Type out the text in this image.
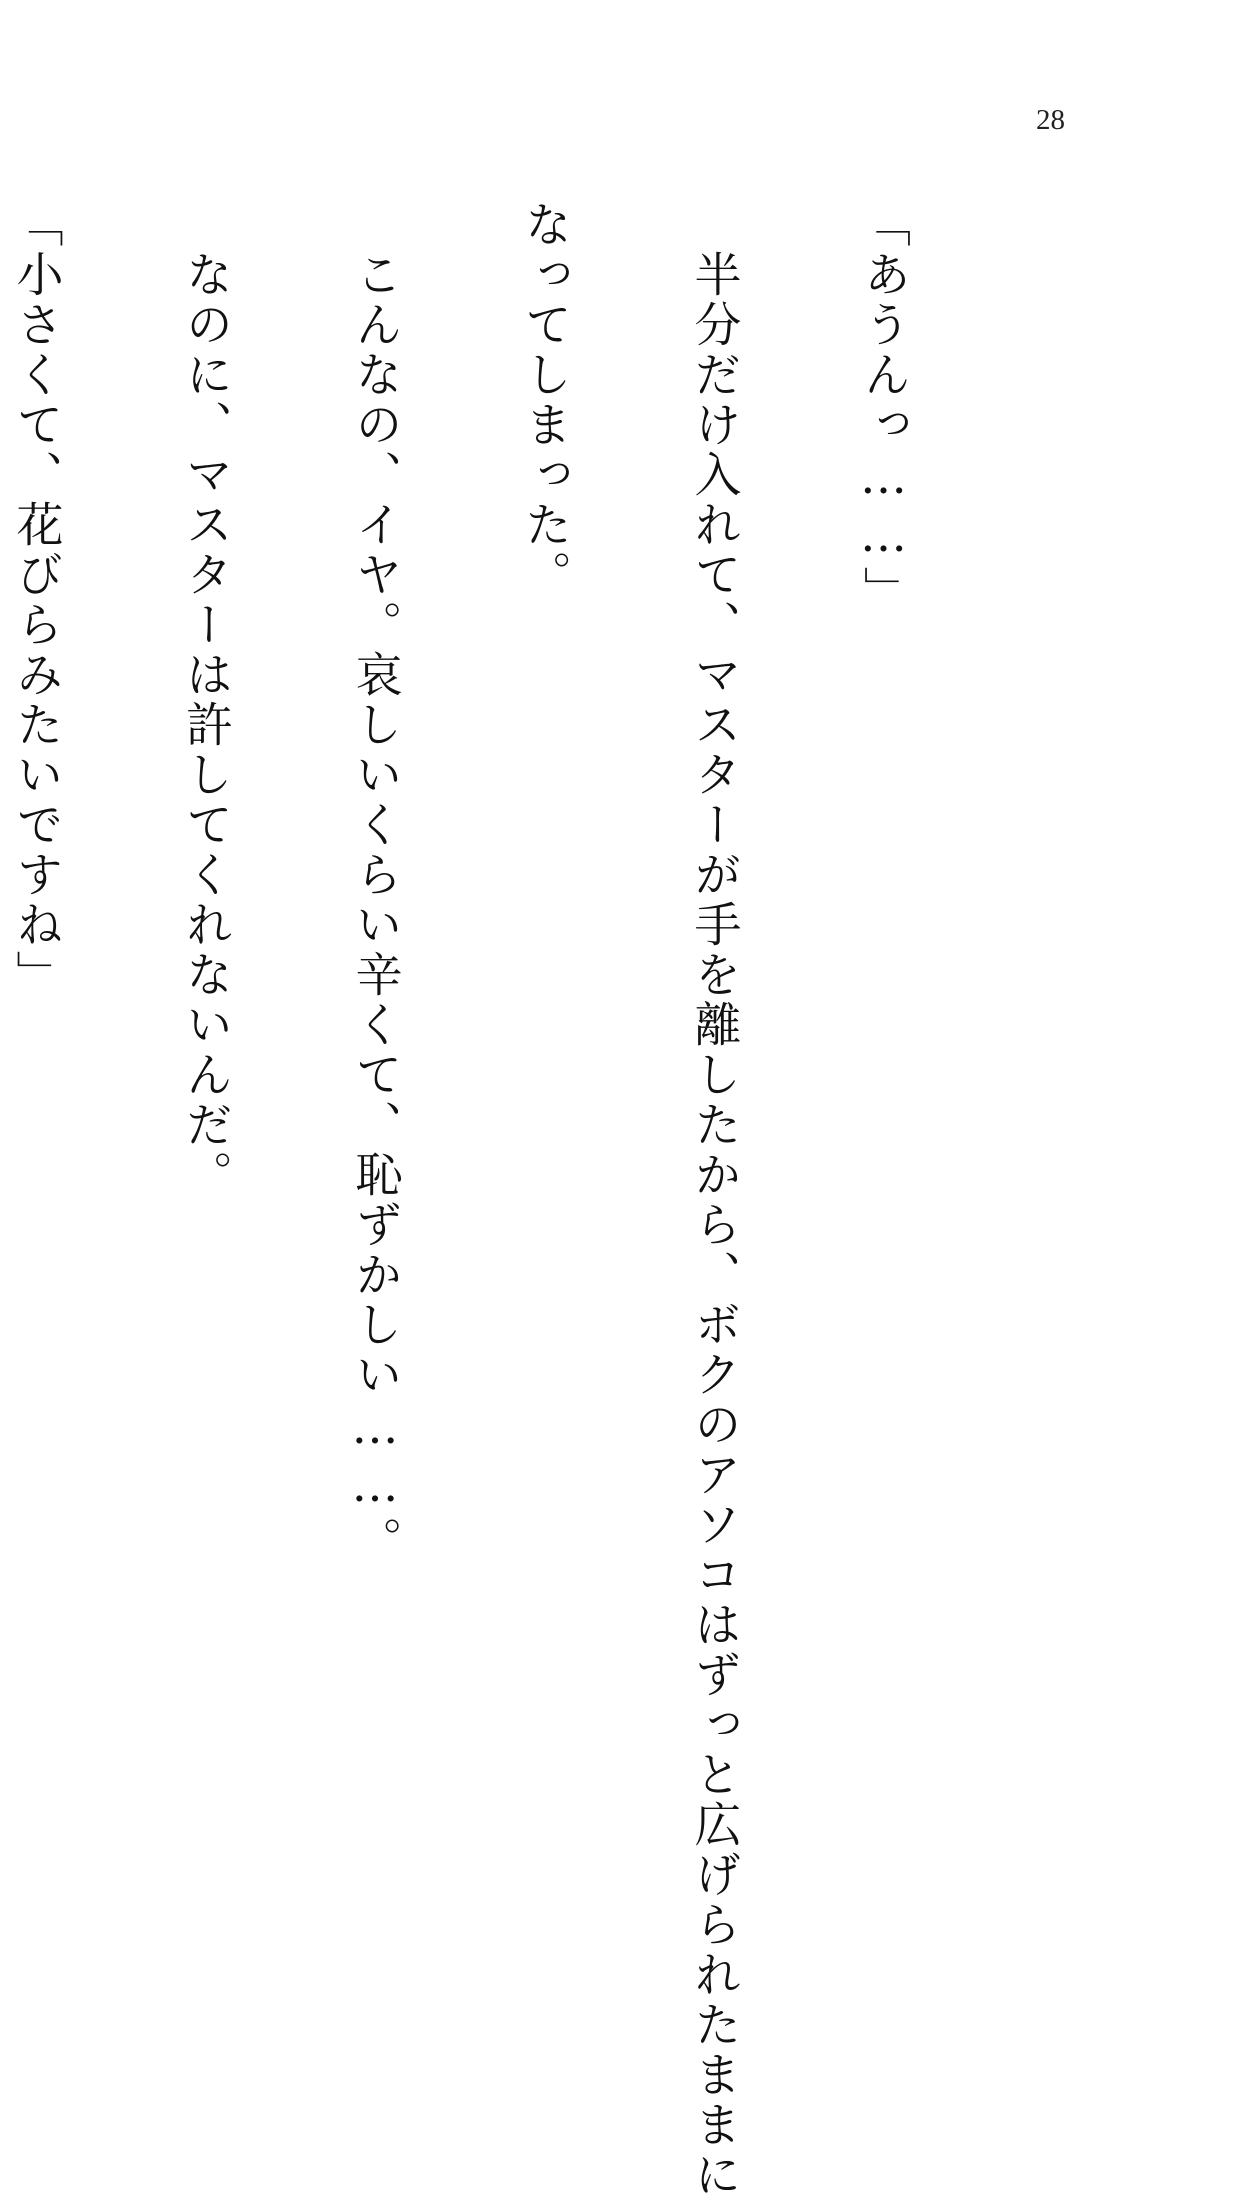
28

「あうんっ……」

　半分だけ入れて、マスターが手を離したから、ボクのアソコはずっと広げられたままに

なってしまった。

　こんなの、イヤ。哀しいくらい辛くて、恥ずかしい……。

　なのに、マスターは許してくれないんだ。

「小さくて、花びらみたいですね」
